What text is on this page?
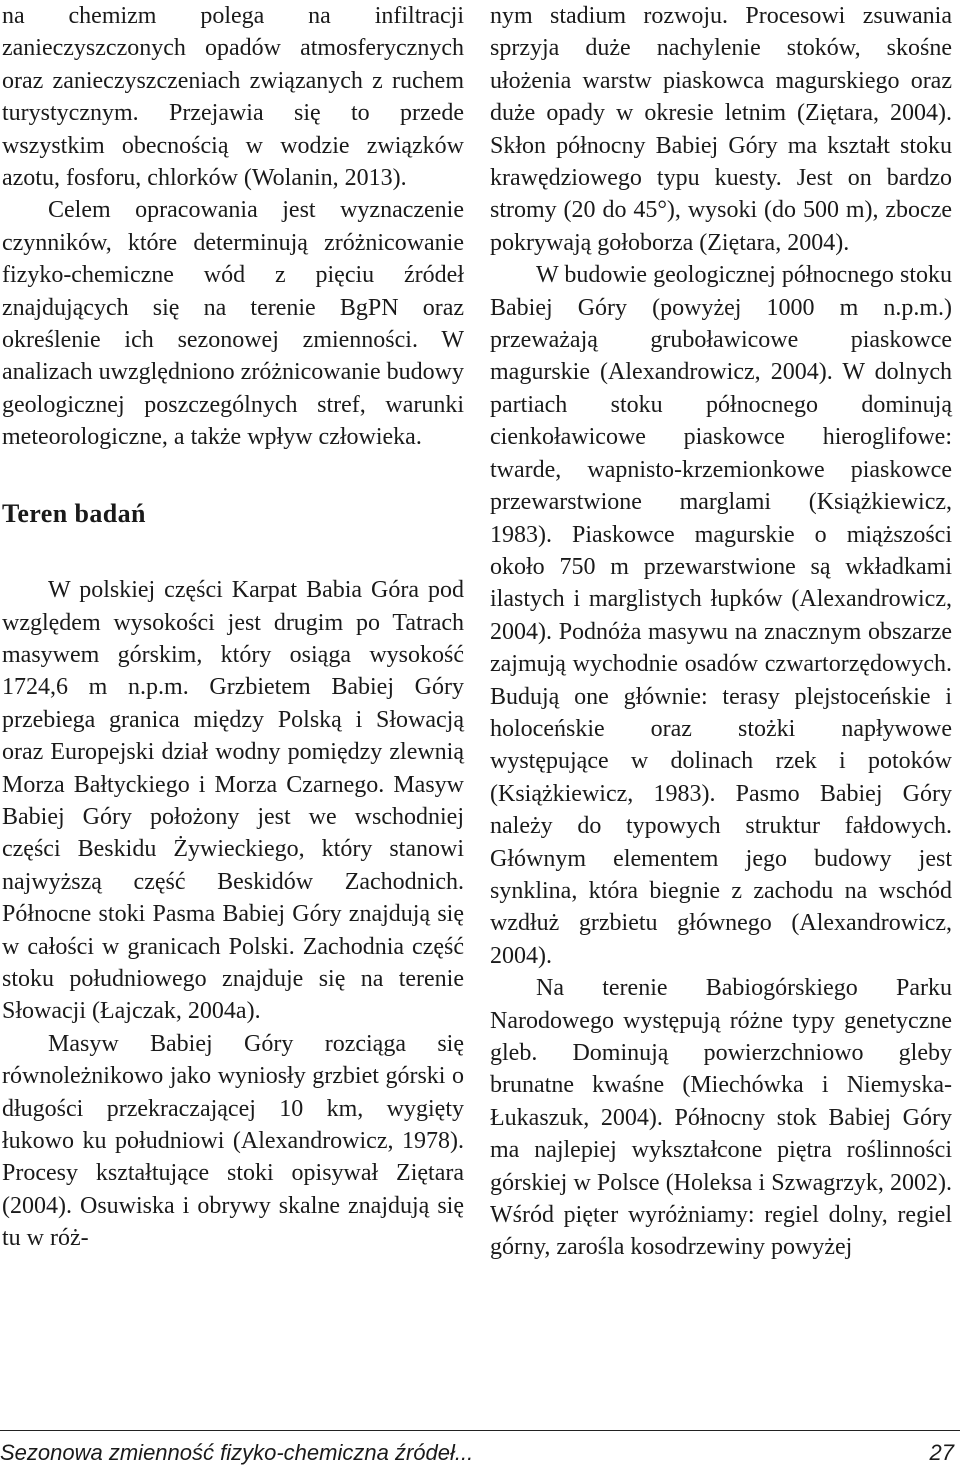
na chemizm polega na infiltracji zanieczyszczonych opadów atmosferycznych oraz zanieczyszczeniach związanych z ruchem turystycznym. Przejawia się to przede wszystkim obecnością w wodzie związków azotu, fosforu, chlorków (Wolanin, 2013).

Celem opracowania jest wyznaczenie czynników, które determinują zróżnicowanie fizyko-chemiczne wód z pięciu źródeł znajdujących się na terenie BgPN oraz określenie ich sezonowej zmienności. W analizach uwzględniono zróżnicowanie budowy geologicznej poszczególnych stref, warunki meteorologiczne, a także wpływ człowieka.

Teren badań

W polskiej części Karpat Babia Góra pod względem wysokości jest drugim po Tatrach masywem górskim, który osiąga wysokość 1724,6 m n.p.m. Grzbietem Babiej Góry przebiega granica między Polską i Słowacją oraz Europejski dział wodny pomiędzy zlewnią Morza Bałtyckiego i Morza Czarnego. Masyw Babiej Góry położony jest we wschodniej części Beskidu Żywieckiego, który stanowi najwyższą część Beskidów Zachodnich. Północne stoki Pasma Babiej Góry znajdują się w całości w granicach Polski. Zachodnia część stoku południowego znajduje się na terenie Słowacji (Łajczak, 2004a).

Masyw Babiej Góry rozciąga się równoleżnikowo jako wyniosły grzbiet górski o długości przekraczającej 10 km, wygięty łukowo ku południowi (Alexandrowicz, 1978). Procesy kształtujące stoki opisywał Ziętara (2004). Osuwiska i obrywy skalne znajdują się tu w róż-

nym stadium rozwoju. Procesowi zsuwania sprzyja duże nachylenie stoków, skośne ułożenia warstw piaskowca magurskiego oraz duże opady w okresie letnim (Ziętara, 2004). Skłon północny Babiej Góry ma kształt stoku krawędziowego typu kuesty. Jest on bardzo stromy (20 do 45°), wysoki (do 500 m), zbocze pokrywają gołoborza (Ziętara, 2004).

W budowie geologicznej północnego stoku Babiej Góry (powyżej 1000 m n.p.m.) przeważają gruboławicowe piaskowce magurskie (Alexandrowicz, 2004). W dolnych partiach stoku północnego dominują cienkoławicowe piaskowce hieroglifowe: twarde, wapnisto-krzemionkowe piaskowce przewarstwione marglami (Książkiewicz, 1983). Piaskowce magurskie o miąższości około 750 m przewarstwione są wkładkami ilastych i marglistych łupków (Alexandrowicz, 2004). Podnóża masywu na znacznym obszarze zajmują wychodnie osadów czwartorzędowych. Budują one głównie: terasy plejstoceńskie i holoceńskie oraz stożki napływowe występujące w dolinach rzek i potoków (Książkiewicz, 1983). Pasmo Babiej Góry należy do typowych struktur fałdowych. Głównym elementem jego budowy jest synklina, która biegnie z zachodu na wschód wzdłuż grzbietu głównego (Alexandrowicz, 2004).

Na terenie Babiogórskiego Parku Narodowego występują różne typy genetyczne gleb. Dominują powierzchniowo gleby brunatne kwaśne (Miechówka i Niemyska-Łukaszuk, 2004). Północny stok Babiej Góry ma najlepiej wykształcone piętra roślinności górskiej w Polsce (Holeksa i Szwagrzyk, 2002). Wśród pięter wyróżniamy: regiel dolny, regiel górny, zarośla kosodrzewiny powyżej

Sezonowa zmienność fizyko-chemiczna źródeł...	27
